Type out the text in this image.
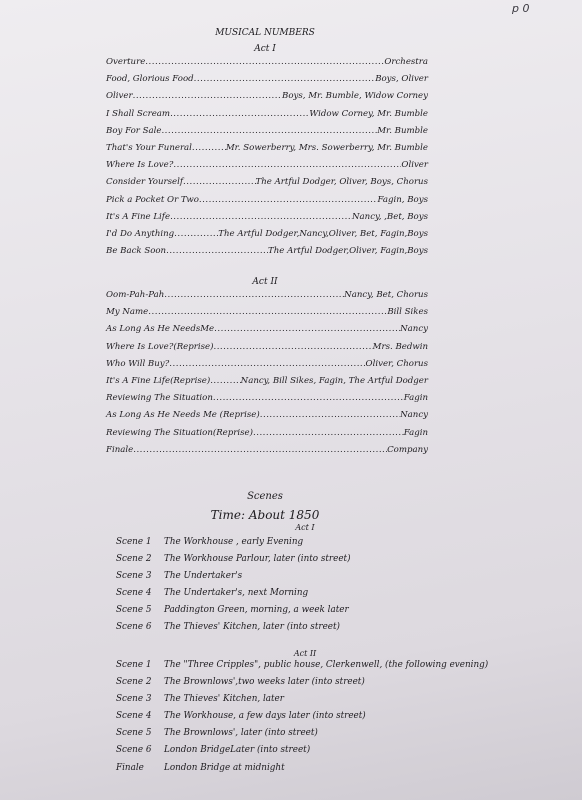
p 0
MUSICAL NUMBERS
Act I
Overture .....	Orchestra
Food, Glorious Food .....	Boys, Oliver
Oliver .....	Boys, Mr. Bumble, Widow Corney
I Shall Scream .....	Widow Corney, Mr. Bumble
Boy For Sale .....	Mr. Bumble
That's Your Funeral .....	Mr. Sowerberry, Mrs. Sowerberry, Mr. Bumble
Where Is Love? .....	Oliver
Consider Yourself .....	The Artful Dodger, Oliver, Boys, Chorus
Pick a Pocket Or Two .....	Fagin, Boys
It's A Fine Life .....	Nancy, ,Bet, Boys
I'd Do Anything .....	The Artful Dodger,Nancy,Oliver, Bet, Fagin,Boys
Be Back Soon .....	The Artful Dodger,Oliver, Fagin,Boys
Act II
Oom-Pah-Pah .....	Nancy, Bet, Chorus
My Name .....	Bill Sikes
As Long As He NeedsMe .....	Nancy
Where Is Love?(Reprise) .....	Mrs. Bedwin
Who Will Buy? .....	Oliver, Chorus
It's A Fine Life(Reprise) .....	Nancy, Bill Sikes, Fagin, The Artful Dodger
Reviewing The Situation .....	Fagin
As Long As He Needs Me (Reprise) .....	Nancy
Reviewing The Situation(Reprise) .....	Fagin
Finale .....	Company
Scenes
Time: About 1850
Act I
Scene 1	The Workhouse , early Evening
Scene 2	The Workhouse Parlour, later (into street)
Scene 3	The Undertaker's
Scene 4	The Undertaker's, next Morning
Scene 5	Paddington Green, morning, a week later
Scene 6	The Thieves' Kitchen, later (into street)
Act II
Scene 1	The "Three Cripples", public house, Clerkenwell, (the following evening)
Scene 2	The Brownlows',two weeks later (into street)
Scene 3	The Thieves' Kitchen, later
Scene 4	The Workhouse, a few days later (into street)
Scene 5	The Brownlows', later (into street)
Scene 6	London BridgeLater (into street)
Finale	London Bridge at midnight
